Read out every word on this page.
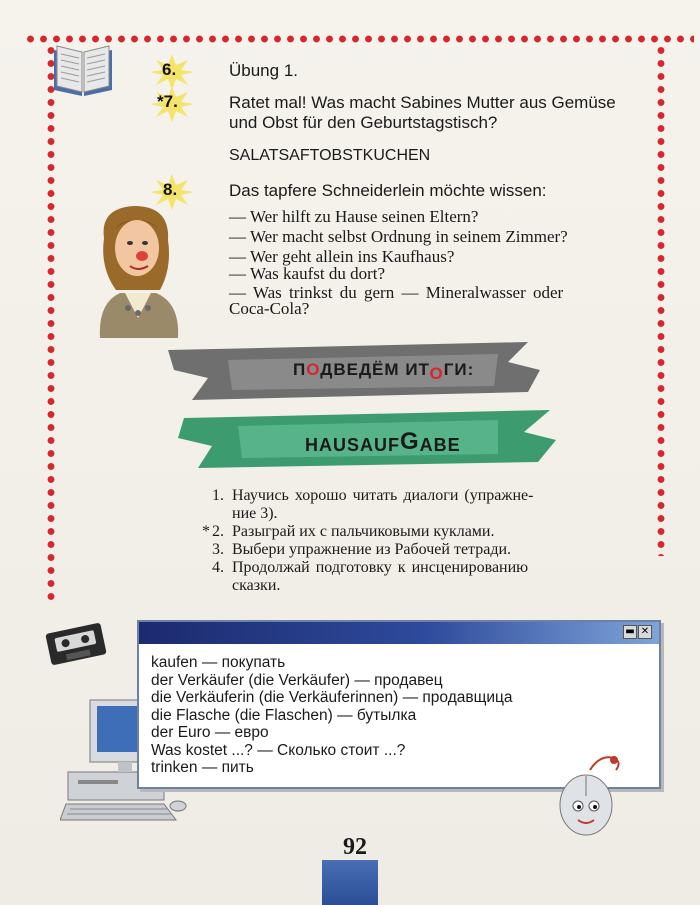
6.	Übung 1.
*7.	Ratet mal! Was macht Sabines Mutter aus Gemüse
und Obst für den Geburtstagstisch?
SALATSAFTOBSTKUCHEN
8.	Das tapfere Schneiderlein möchte wissen:
— Wer hilft zu Hause seinen Eltern?
— Wer macht selbst Ordnung in seinem Zimmer?
— Wer geht allein ins Kaufhaus?
— Was kaufst du dort?
— Was trinkst du gern — Mineralwasser oder
Coca-Cola?
ПОДВЕДЁМ ИТОГИ:
HAUSAUFGABE
1. Научись хорошо читать диалоги (упражне-
ние 3).
* 2. Разыграй их с пальчиковыми куклами.
3. Выбери упражнение из Рабочей тетради.
4. Продолжай подготовку к инсценированию
сказки.
▬ ✕
kaufen — покупать
der Verkäufer (die Verkäufer) — продавец
die Verkäuferin (die Verkäuferinnen) — продавщица
die Flasche (die Flaschen) — бутылка
der Euro — евро
Was kostet ...? — Сколько стоит ...?
trinken — пить
92
